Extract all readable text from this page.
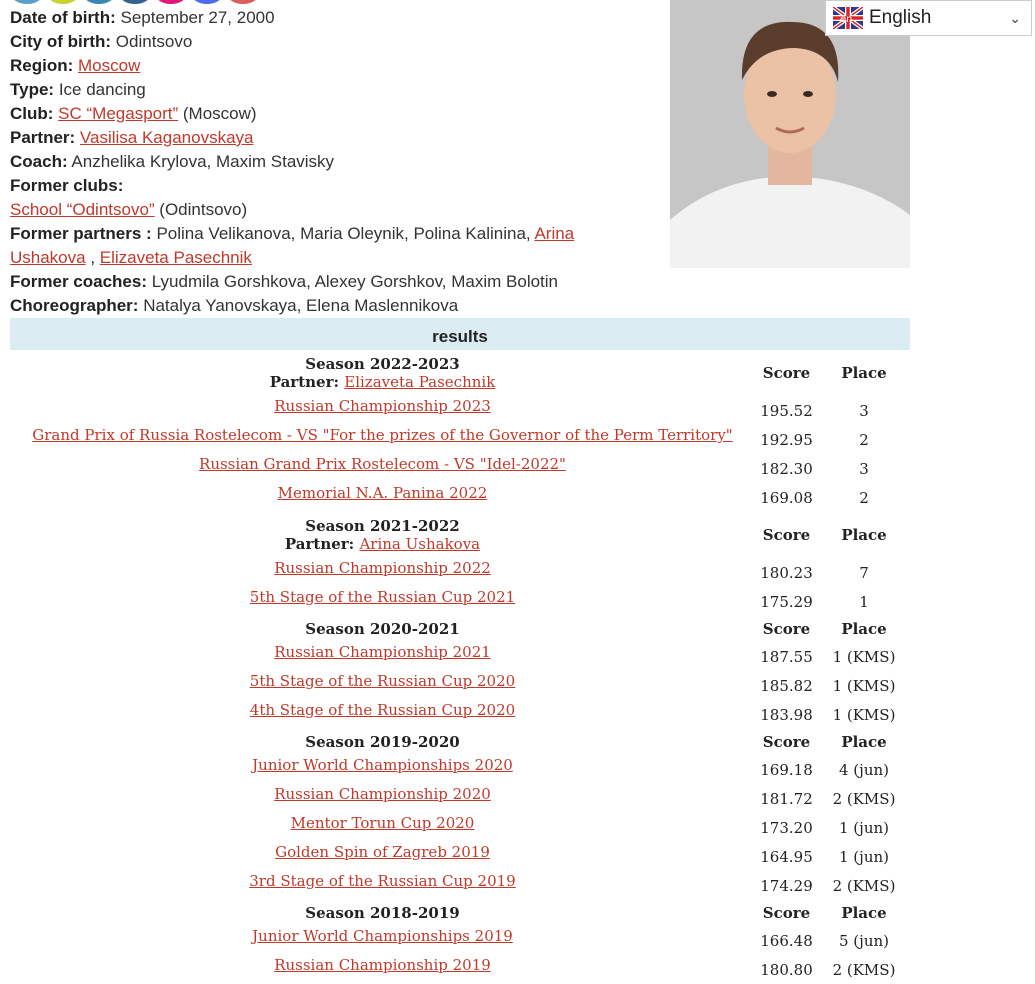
Date of birth: September 27, 2000
City of birth: Odintsovo
Region: Moscow
Type: Ice dancing
Club: SC “Megasport” (Moscow)
Partner: Vasilisa Kaganovskaya
Coach: Anzhelika Krylova, Maxim Stavisky
Former clubs:
School “Odintsovo” (Odintsovo)
Former partners : Polina Velikanova, Maria Oleynik, Polina Kalinina, Arina Ushakova , Elizaveta Pasechnik
Former coaches: Lyudmila Gorshkova, Alexey Gorshkov, Maxim Bolotin
Choreographer: Natalya Yanovskaya, Elena Maslennikova
en English	⌄
results
Season 2022-2023
Partner: Elizaveta Pasechnik	Score	Place
Russian Championship 2023	195.52	3
Grand Prix of Russia Rostelecom - VS "For the prizes of the Governor of the Perm Territory"	192.95	2
Russian Grand Prix Rostelecom - VS "Idel-2022"	182.30	3
Memorial N.A. Panina 2022	169.08	2

Season 2021-2022
Partner: Arina Ushakova	Score	Place
Russian Championship 2022	180.23	7
5th Stage of the Russian Cup 2021	175.29	1

Season 2020-2021	Score	Place
Russian Championship 2021	187.55	1 (KMS)
5th Stage of the Russian Cup 2020	185.82	1 (KMS)
4th Stage of the Russian Cup 2020	183.98	1 (KMS)

Season 2019-2020	Score	Place
Junior World Championships 2020	169.18	4 (jun)
Russian Championship 2020	181.72	2 (KMS)
Mentor Torun Cup 2020	173.20	1 (jun)
Golden Spin of Zagreb 2019	164.95	1 (jun)
3rd Stage of the Russian Cup 2019	174.29	2 (KMS)

Season 2018-2019	Score	Place
Junior World Championships 2019	166.48	5 (jun)
Russian Championship 2019	180.80	2 (KMS)
